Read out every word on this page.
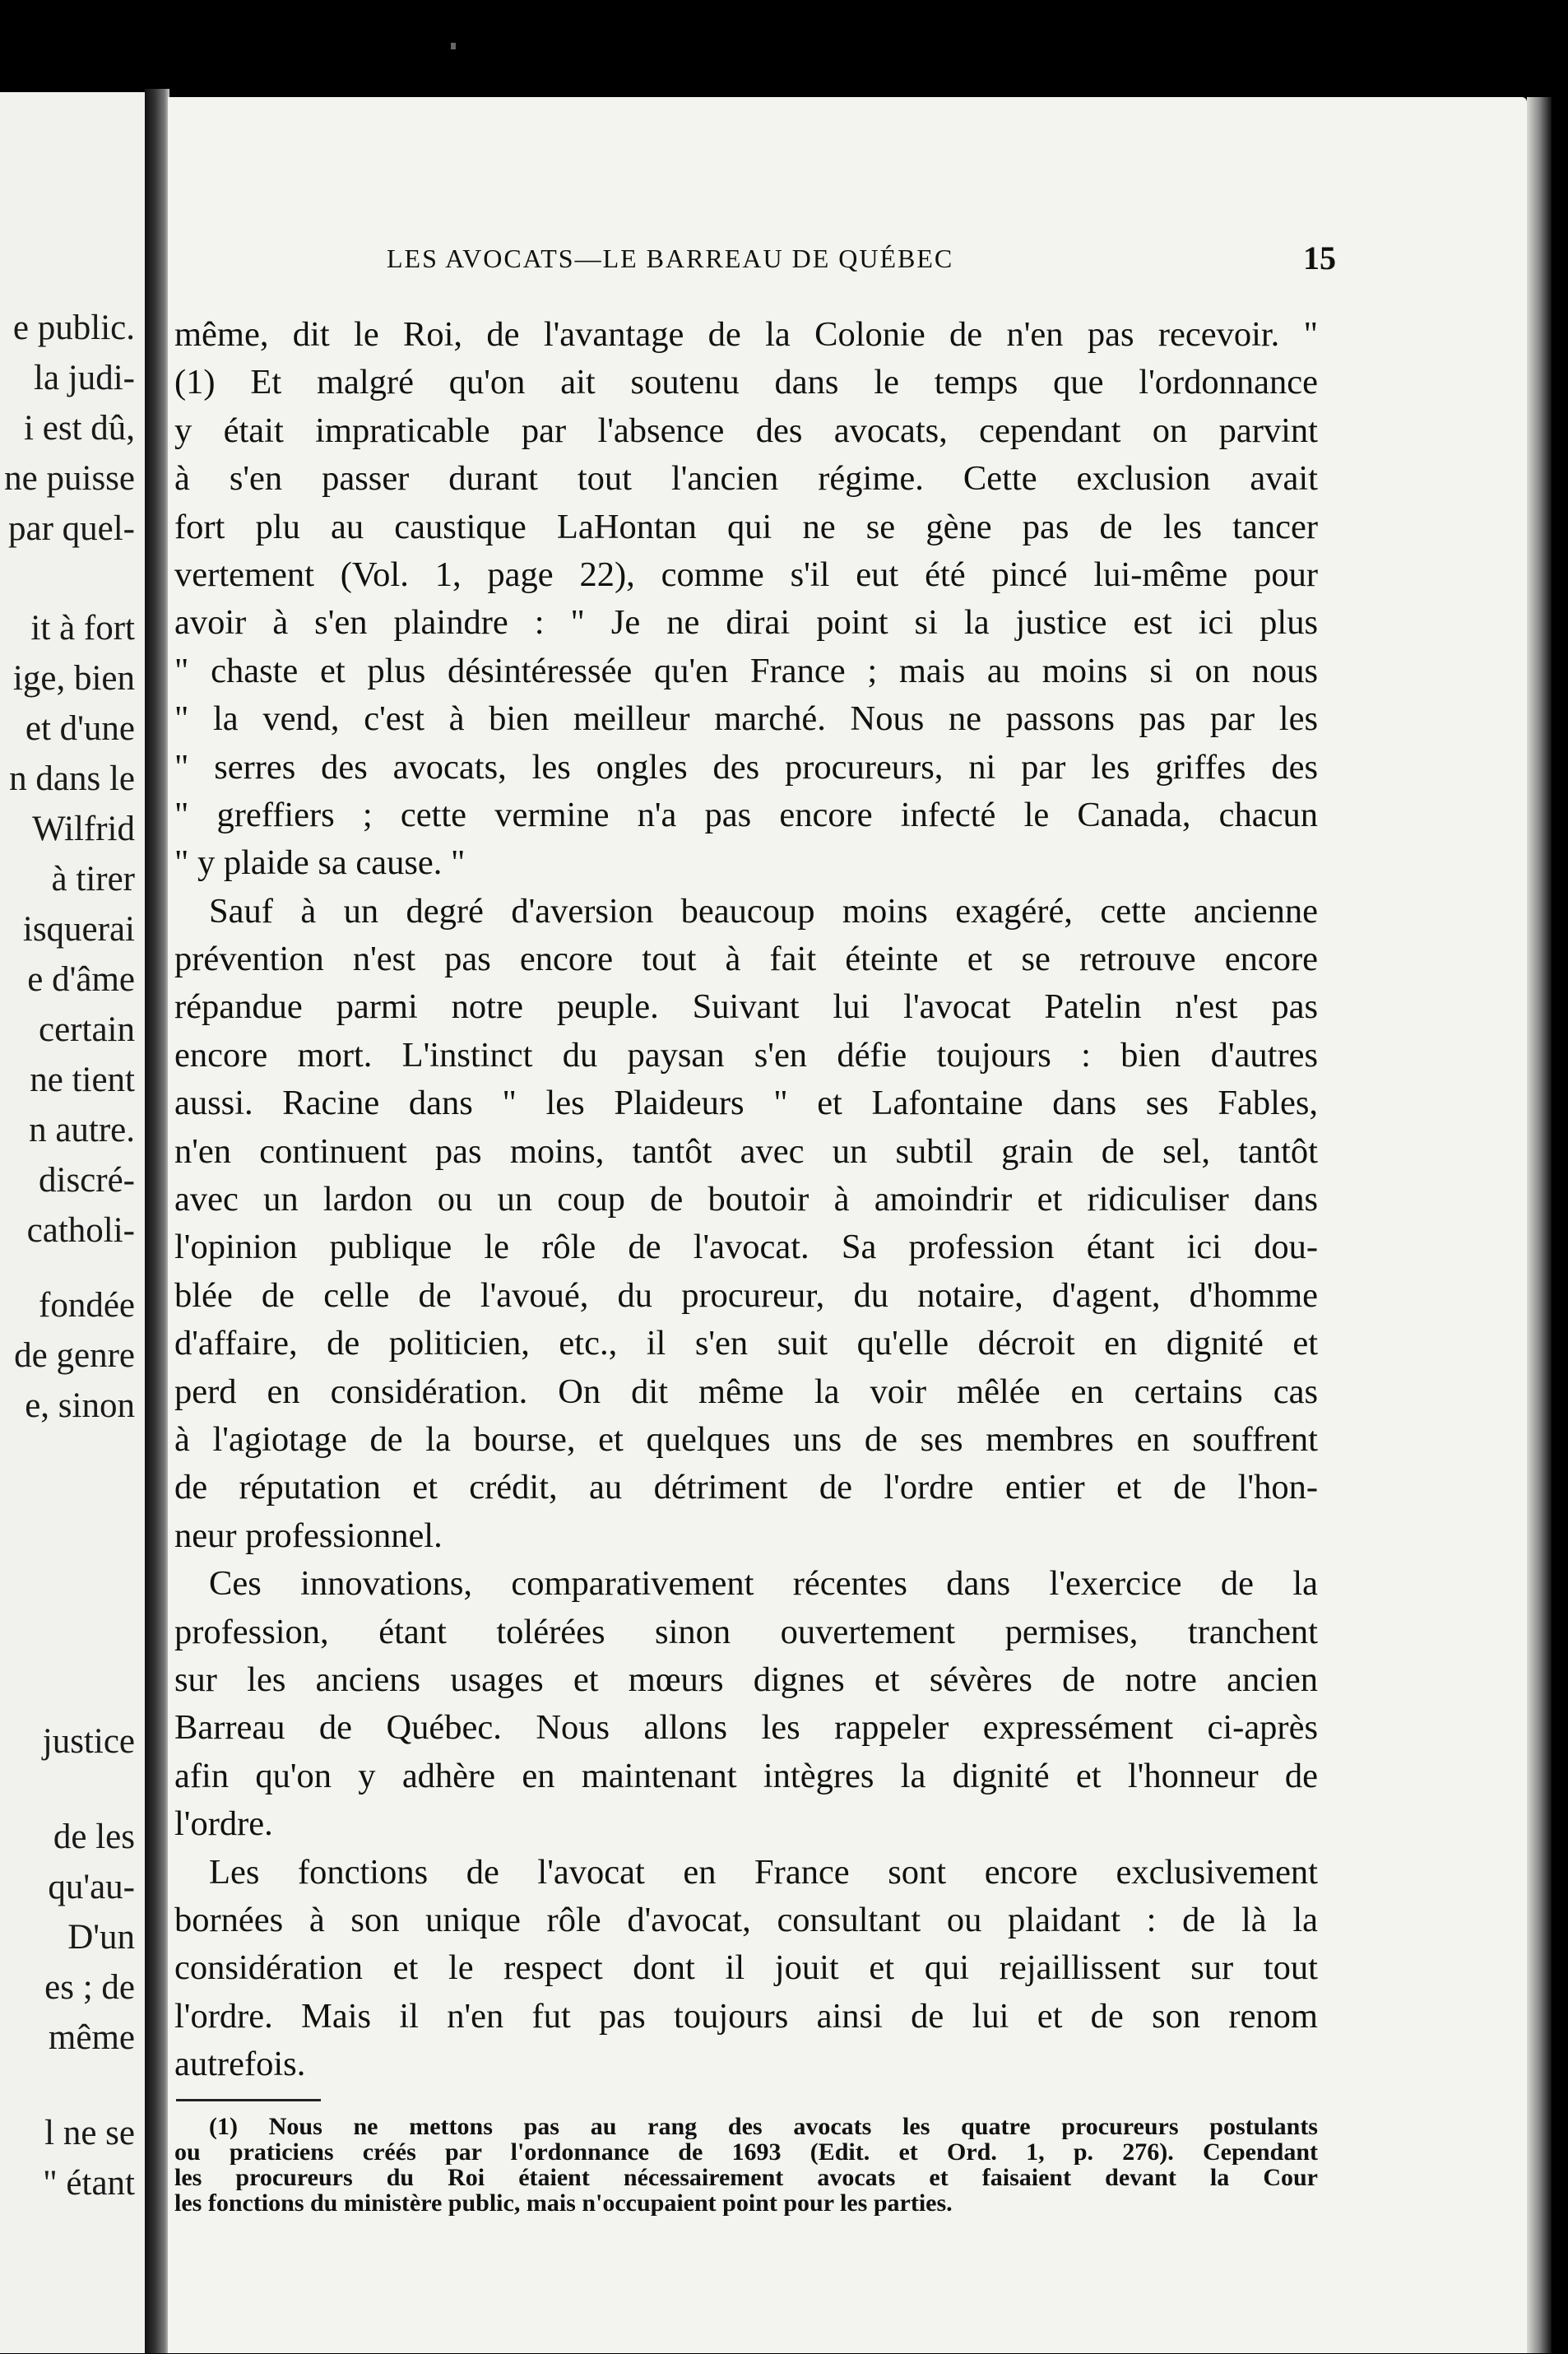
e public.
la judi-
i est dû,
ne puisse
par quel-
it à fort
ige, bien
et d'une
n dans le
Wilfrid
à tirer
isquerai
e d'âme
certain
ne tient
n autre.
discré-
catholi-
fondée
de genre
e, sinon
justice
de les
qu'au-
D'un
es ; de
même
l ne se
" étant
LES AVOCATS—LE BARREAU DE QUÉBEC	15
même, dit le Roi, de l'avantage de la Colonie de n'en pas recevoir. "
(1) Et malgré qu'on ait soutenu dans le temps que l'ordonnance
y était impraticable par l'absence des avocats, cependant on parvint
à s'en passer durant tout l'ancien régime. Cette exclusion avait
fort plu au caustique LaHontan qui ne se gène pas de les tancer
vertement (Vol. 1, page 22), comme s'il eut été pincé lui-même pour
avoir à s'en plaindre : " Je ne dirai point si la justice est ici plus
" chaste et plus désintéressée qu'en France ; mais au moins si on nous
" la vend, c'est à bien meilleur marché. Nous ne passons pas par les
" serres des avocats, les ongles des procureurs, ni par les griffes des
" greffiers ; cette vermine n'a pas encore infecté le Canada, chacun
" y plaide sa cause. "
Sauf à un degré d'aversion beaucoup moins exagéré, cette ancienne
prévention n'est pas encore tout à fait éteinte et se retrouve encore
répandue parmi notre peuple. Suivant lui l'avocat Patelin n'est pas
encore mort. L'instinct du paysan s'en défie toujours : bien d'autres
aussi. Racine dans " les Plaideurs " et Lafontaine dans ses Fables,
n'en continuent pas moins, tantôt avec un subtil grain de sel, tantôt
avec un lardon ou un coup de boutoir à amoindrir et ridiculiser dans
l'opinion publique le rôle de l'avocat. Sa profession étant ici dou-
blée de celle de l'avoué, du procureur, du notaire, d'agent, d'homme
d'affaire, de politicien, etc., il s'en suit qu'elle décroit en dignité et
perd en considération. On dit même la voir mêlée en certains cas
à l'agiotage de la bourse, et quelques uns de ses membres en souffrent
de réputation et crédit, au détriment de l'ordre entier et de l'hon-
neur professionnel.
Ces innovations, comparativement récentes dans l'exercice de la
profession, étant tolérées sinon ouvertement permises, tranchent
sur les anciens usages et mœurs dignes et sévères de notre ancien
Barreau de Québec. Nous allons les rappeler expressément ci-après
afin qu'on y adhère en maintenant intègres la dignité et l'honneur de
l'ordre.
Les fonctions de l'avocat en France sont encore exclusivement
bornées à son unique rôle d'avocat, consultant ou plaidant : de là la
considération et le respect dont il jouit et qui rejaillissent sur tout
l'ordre. Mais il n'en fut pas toujours ainsi de lui et de son renom
autrefois.
(1) Nous ne mettons pas au rang des avocats les quatre procureurs postulants
ou praticiens créés par l'ordonnance de 1693 (Edit. et Ord. 1, p. 276). Cependant
les procureurs du Roi étaient nécessairement avocats et faisaient devant la Cour
les fonctions du ministère public, mais n'occupaient point pour les parties.
